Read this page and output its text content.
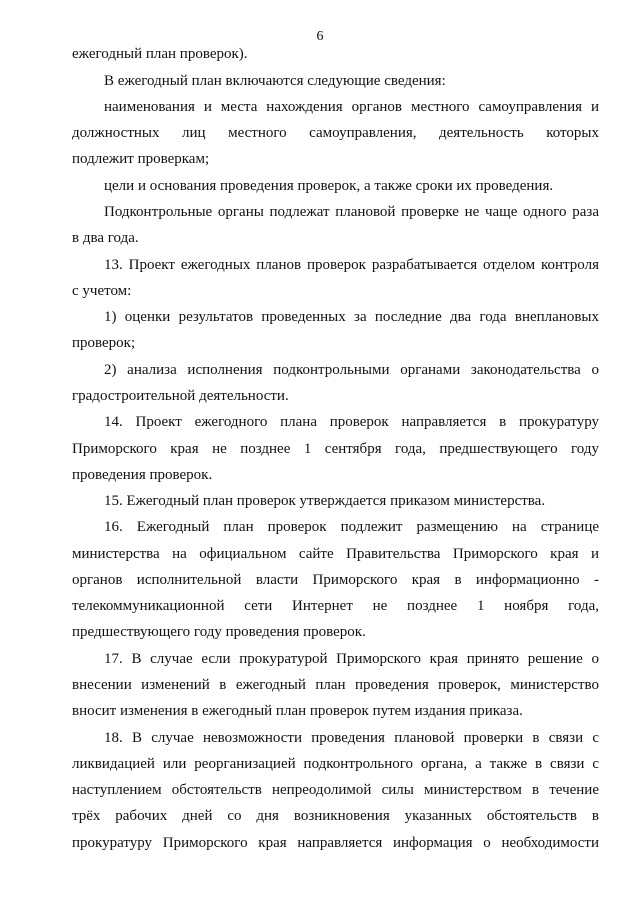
6
ежегодный план проверок).
В ежегодный план включаются следующие сведения:
наименования и места нахождения органов местного самоуправления и
должностных лиц местного самоуправления, деятельность которых
подлежит проверкам;
цели и основания проведения проверок, а также сроки их проведения.
Подконтрольные органы подлежат плановой проверке не чаще одного раза
в два года.
13. Проект ежегодных планов проверок разрабатывается отделом контроля
с учетом:
1) оценки результатов проведенных за последние два года внеплановых
проверок;
2) анализа исполнения подконтрольными органами законодательства о
градостроительной деятельности.
14. Проект ежегодного плана проверок направляется в прокуратуру
Приморского края не позднее 1 сентября года, предшествующего году
проведения проверок.
15. Ежегодный план проверок утверждается приказом министерства.
16. Ежегодный план проверок подлежит размещению на странице
министерства на официальном сайте Правительства Приморского края и
органов исполнительной власти Приморского края в информационно -
телекоммуникационной сети Интернет не позднее 1 ноября года,
предшествующего году проведения проверок.
17. В случае если прокуратурой Приморского края принято решение о
внесении изменений в ежегодный план проведения проверок, министерство
вносит изменения в ежегодный план проверок путем издания приказа.
18. В случае невозможности проведения плановой проверки в связи с
ликвидацией или реорганизацией подконтрольного органа, а также в связи с
наступлением обстоятельств непреодолимой силы министерством в течение
трёх рабочих дней со дня возникновения указанных обстоятельств в
прокуратуру Приморского края направляется информация о необходимости
